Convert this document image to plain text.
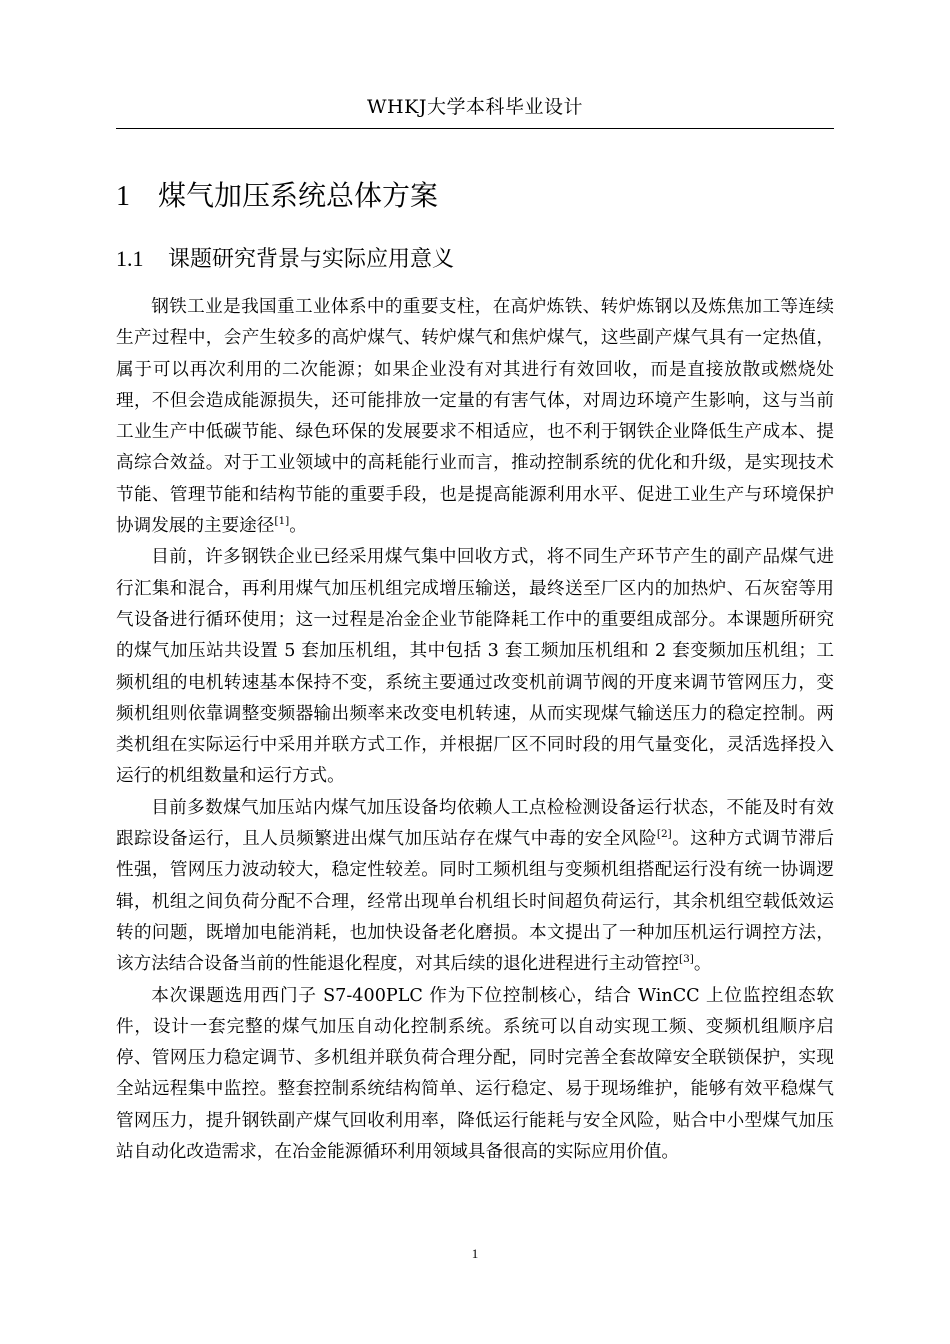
WHKJ大学本科毕业设计
1 煤气加压系统总体方案
1.1 课题研究背景与实际应用意义

钢铁工业是我国重工业体系中的重要支柱，在高炉炼铁、转炉炼钢以及炼焦加工等连续生产过程中，会产生较多的高炉煤气、转炉煤气和焦炉煤气，这些副产煤气具有一定热值，属于可以再次利用的二次能源；如果企业没有对其进行有效回收，而是直接放散或燃烧处理，不但会造成能源损失，还可能排放一定量的有害气体，对周边环境产生影响，这与当前工业生产中低碳节能、绿色环保的发展要求不相适应，也不利于钢铁企业降低生产成本、提高综合效益。对于工业领域中的高耗能行业而言，推动控制系统的优化和升级，是实现技术节能、管理节能和结构节能的重要手段，也是提高能源利用水平、促进工业生产与环境保护协调发展的主要途径[1]。

目前，许多钢铁企业已经采用煤气集中回收方式，将不同生产环节产生的副产品煤气进行汇集和混合，再利用煤气加压机组完成增压输送，最终送至厂区内的加热炉、石灰窑等用气设备进行循环使用；这一过程是冶金企业节能降耗工作中的重要组成部分。本课题所研究的煤气加压站共设置 5 套加压机组，其中包括 3 套工频加压机组和 2 套变频加压机组；工频机组的电机转速基本保持不变，系统主要通过改变机前调节阀的开度来调节管网压力，变频机组则依靠调整变频器输出频率来改变电机转速，从而实现煤气输送压力的稳定控制。两类机组在实际运行中采用并联方式工作，并根据厂区不同时段的用气量变化，灵活选择投入运行的机组数量和运行方式。

目前多数煤气加压站内煤气加压设备均依赖人工点检检测设备运行状态，不能及时有效跟踪设备运行，且人员频繁进出煤气加压站存在煤气中毒的安全风险[2]。这种方式调节滞后性强，管网压力波动较大，稳定性较差。同时工频机组与变频机组搭配运行没有统一协调逻辑，机组之间负荷分配不合理，经常出现单台机组长时间超负荷运行，其余机组空载低效运转的问题，既增加电能消耗，也加快设备老化磨损。本文提出了一种加压机运行调控方法，该方法结合设备当前的性能退化程度，对其后续的退化进程进行主动管控[3]。

本次课题选用西门子 S7-400PLC 作为下位控制核心，结合 WinCC 上位监控组态软件，设计一套完整的煤气加压自动化控制系统。系统可以自动实现工频、变频机组顺序启停、管网压力稳定调节、多机组并联负荷合理分配，同时完善全套故障安全联锁保护，实现全站远程集中监控。整套控制系统结构简单、运行稳定、易于现场维护，能够有效平稳煤气管网压力，提升钢铁副产煤气回收利用率，降低运行能耗与安全风险，贴合中小型煤气加压站自动化改造需求，在冶金能源循环利用领域具备很高的实际应用价值。

1
